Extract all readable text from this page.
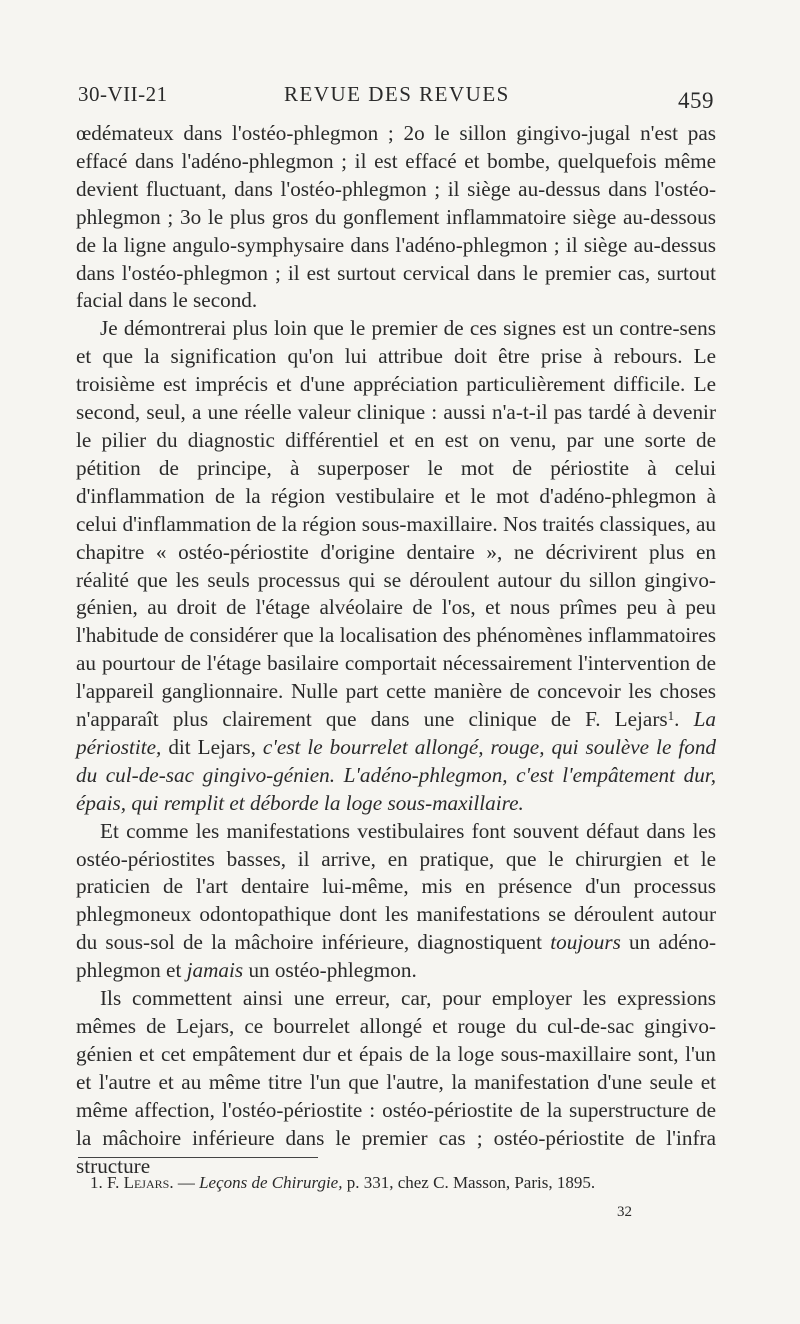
30-VII-21	REVUE DES REVUES	459

œdémateux dans l'ostéo-phlegmon ; 2o le sillon gingivo-jugal n'est pas effacé dans l'adéno-phlegmon ; il est effacé et bombe, quelquefois même devient fluctuant, dans l'ostéo-phlegmon ; il siège au-dessus dans l'ostéo-phlegmon ; 3o le plus gros du gonflement inflammatoire siège au-dessous de la ligne angulo-symphysaire dans l'adéno-phlegmon ; il siège au-dessus dans l'ostéo-phlegmon ; il est surtout cervical dans le premier cas, surtout facial dans le second.

Je démontrerai plus loin que le premier de ces signes est un contre-sens et que la signification qu'on lui attribue doit être prise à rebours. Le troisième est imprécis et d'une appréciation particulièrement difficile. Le second, seul, a une réelle valeur clinique : aussi n'a-t-il pas tardé à devenir le pilier du diagnostic différentiel et en est on venu, par une sorte de pétition de principe, à superposer le mot de périostite à celui d'inflammation de la région vestibulaire et le mot d'adéno-phlegmon à celui d'inflammation de la région sous-maxillaire. Nos traités classiques, au chapitre « ostéo-périostite d'origine dentaire », ne décrivirent plus en réalité que les seuls processus qui se déroulent autour du sillon gingivo-génien, au droit de l'étage alvéolaire de l'os, et nous prîmes peu à peu l'habitude de considérer que la localisation des phénomènes inflammatoires au pourtour de l'étage basilaire comportait nécessairement l'intervention de l'appareil ganglionnaire. Nulle part cette manière de concevoir les choses n'apparaît plus clairement que dans une clinique de F. Lejars$^1$. La périostite, dit Lejars, c'est le bourrelet allongé, rouge, qui soulève le fond du cul-de-sac gingivo-génien. L'adéno-phlegmon, c'est l'empâtement dur, épais, qui remplit et déborde la loge sous-maxillaire.

Et comme les manifestations vestibulaires font souvent défaut dans les ostéo-périostites basses, il arrive, en pratique, que le chirurgien et le praticien de l'art dentaire lui-même, mis en présence d'un processus phlegmoneux odontopathique dont les manifestations se déroulent autour du sous-sol de la mâchoire inférieure, diagnostiquent toujours un adéno-phlegmon et jamais un ostéo-phlegmon.

Ils commettent ainsi une erreur, car, pour employer les expressions mêmes de Lejars, ce bourrelet allongé et rouge du cul-de-sac gingivo-génien et cet empâtement dur et épais de la loge sous-maxillaire sont, l'un et l'autre et au même titre l'un que l'autre, la manifestation d'une seule et même affection, l'ostéo-périostite : ostéo-périostite de la superstructure de la mâchoire inférieure dans le premier cas ; ostéo-périostite de l'infra structure

1. F. Lejars. — Leçons de Chirurgie, p. 331, chez C. Masson, Paris, 1895.
32
